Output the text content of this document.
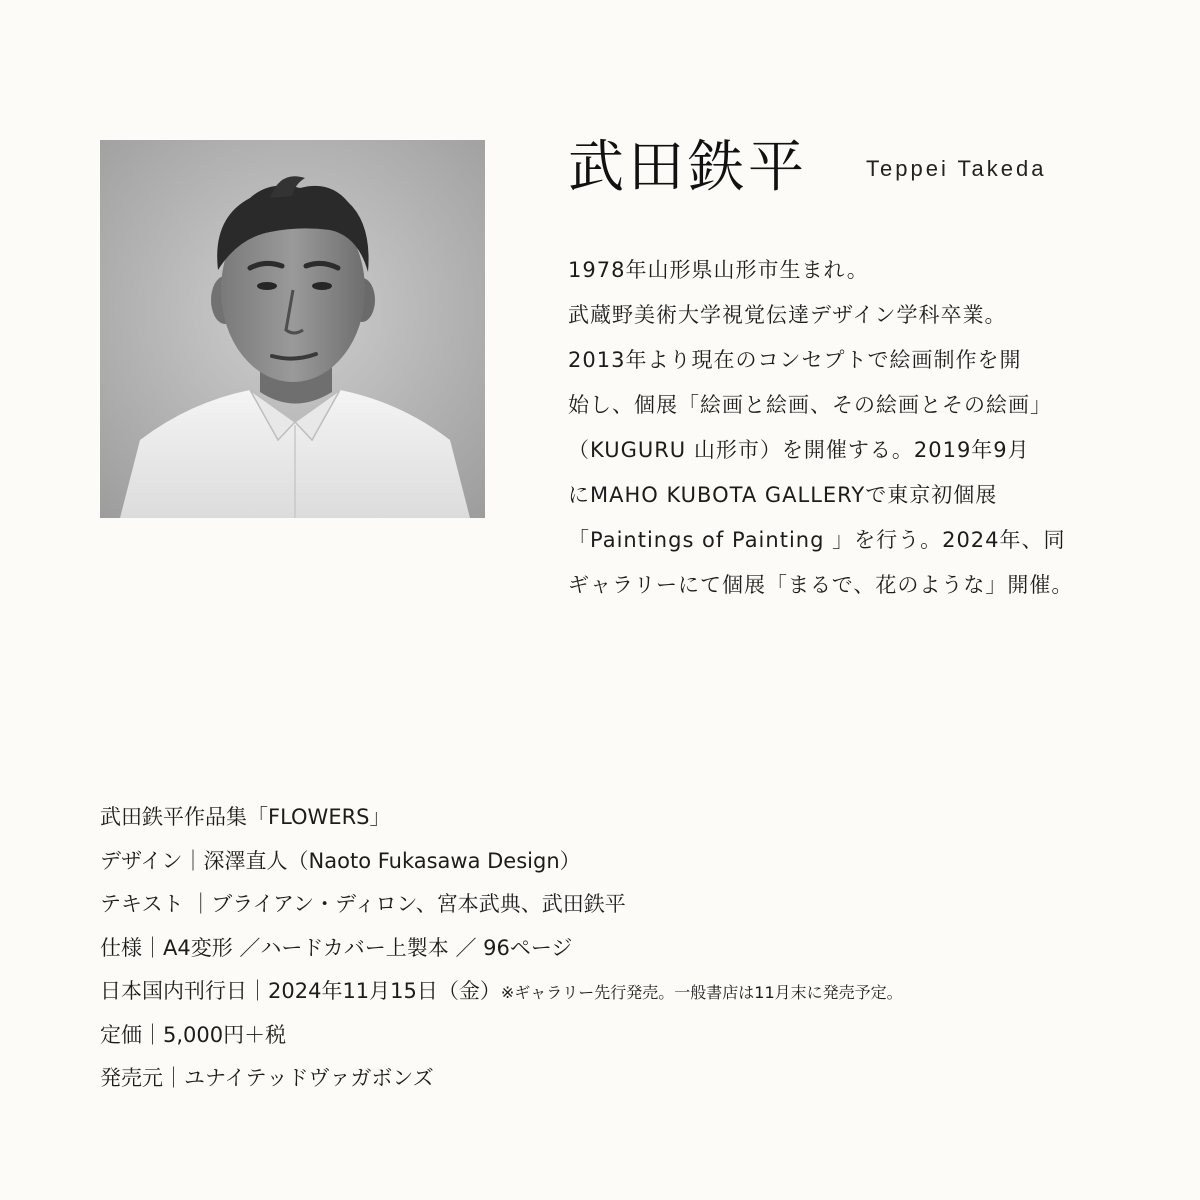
武田鉄平	Teppei Takeda
1978年山形県山形市生まれ。
武蔵野美術大学視覚伝達デザイン学科卒業。
2013年より現在のコンセプトで絵画制作を開
始し、個展「絵画と絵画、その絵画とその絵画」
（KUGURU 山形市）を開催する。2019年9月
にMAHO KUBOTA GALLERYで東京初個展
「Paintings of Painting 」を行う。2024年、同
ギャラリーにて個展「まるで、花のような」開催。
武田鉄平作品集「FLOWERS」
デザイン｜深澤直人（Naoto Fukasawa Design）
テキスト ｜ブライアン・ディロン、宮本武典、武田鉄平
仕様｜A4変形 ／ハードカバー上製本 ／ 96ページ
日本国内刊行日｜2024年11月15日（金）※ギャラリー先行発売。一般書店は11月末に発売予定。
定価｜5,000円＋税
発売元｜ユナイテッドヴァガボンズ
